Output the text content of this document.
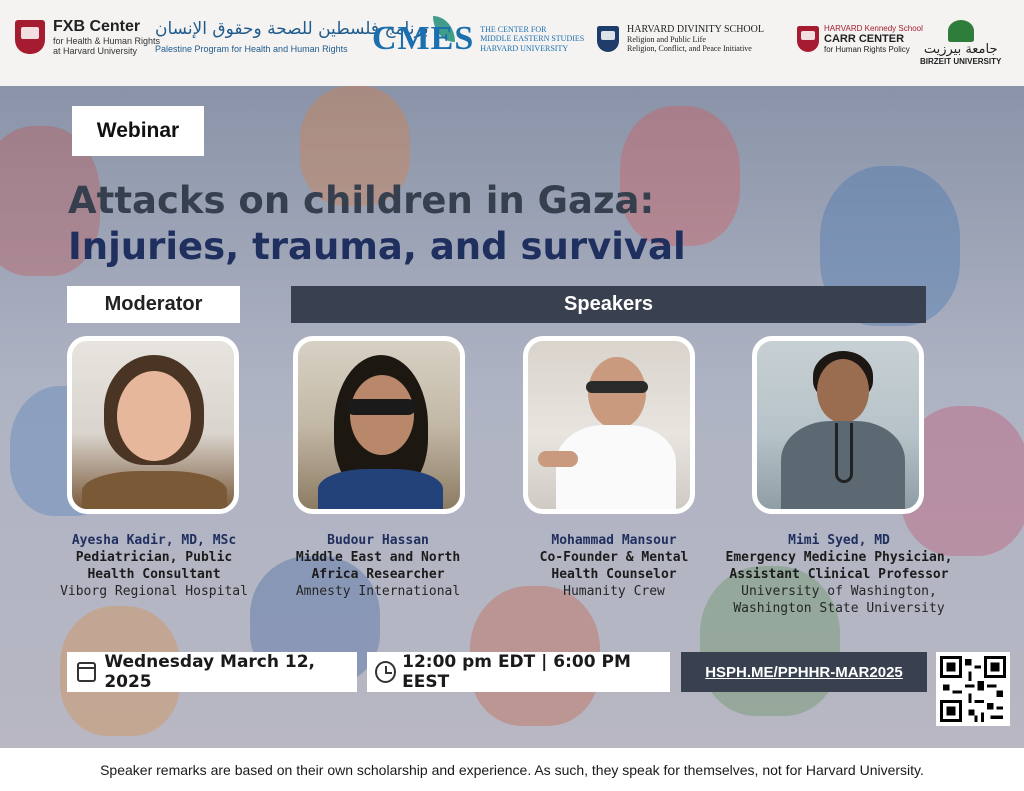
FXB Center
for Health & Human Rights
at Harvard University
برنامج فلسطين للصحة وحقوق الإنسان
Palestine Program for Health and Human Rights CMES THE CENTER FOR
MIDDLE EASTERN STUDIES
HARVARD UNIVERSITY
HARVARD DIVINITY SCHOOL
Religion and Public Life
Religion, Conflict, and Peace Initiative
HARVARD Kennedy School
CARR CENTER
for Human Rights Policy	جامعة بيرزيت
BIRZEIT UNIVERSITY
Webinar
Attacks on children in Gaza:
Injuries, trauma, and survival
Moderator	Speakers
Ayesha Kadir, MD, MSc
Pediatrician, Public
Health Consultant
Viborg Regional Hospital
Budour Hassan
Middle East and North
Africa Researcher
Amnesty International
Mohammad Mansour
Co-Founder & Mental
Health Counselor
Humanity Crew
Mimi Syed, MD
Emergency Medicine Physician,
Assistant Clinical Professor
University of Washington,
Washington State University
Wednesday March 12, 2025
12:00 pm EDT | 6:00 PM EEST	HSPH.ME/PPHHR-MAR2025
Speaker remarks are based on their own scholarship and experience. As such, they speak for themselves, not for Harvard University.
